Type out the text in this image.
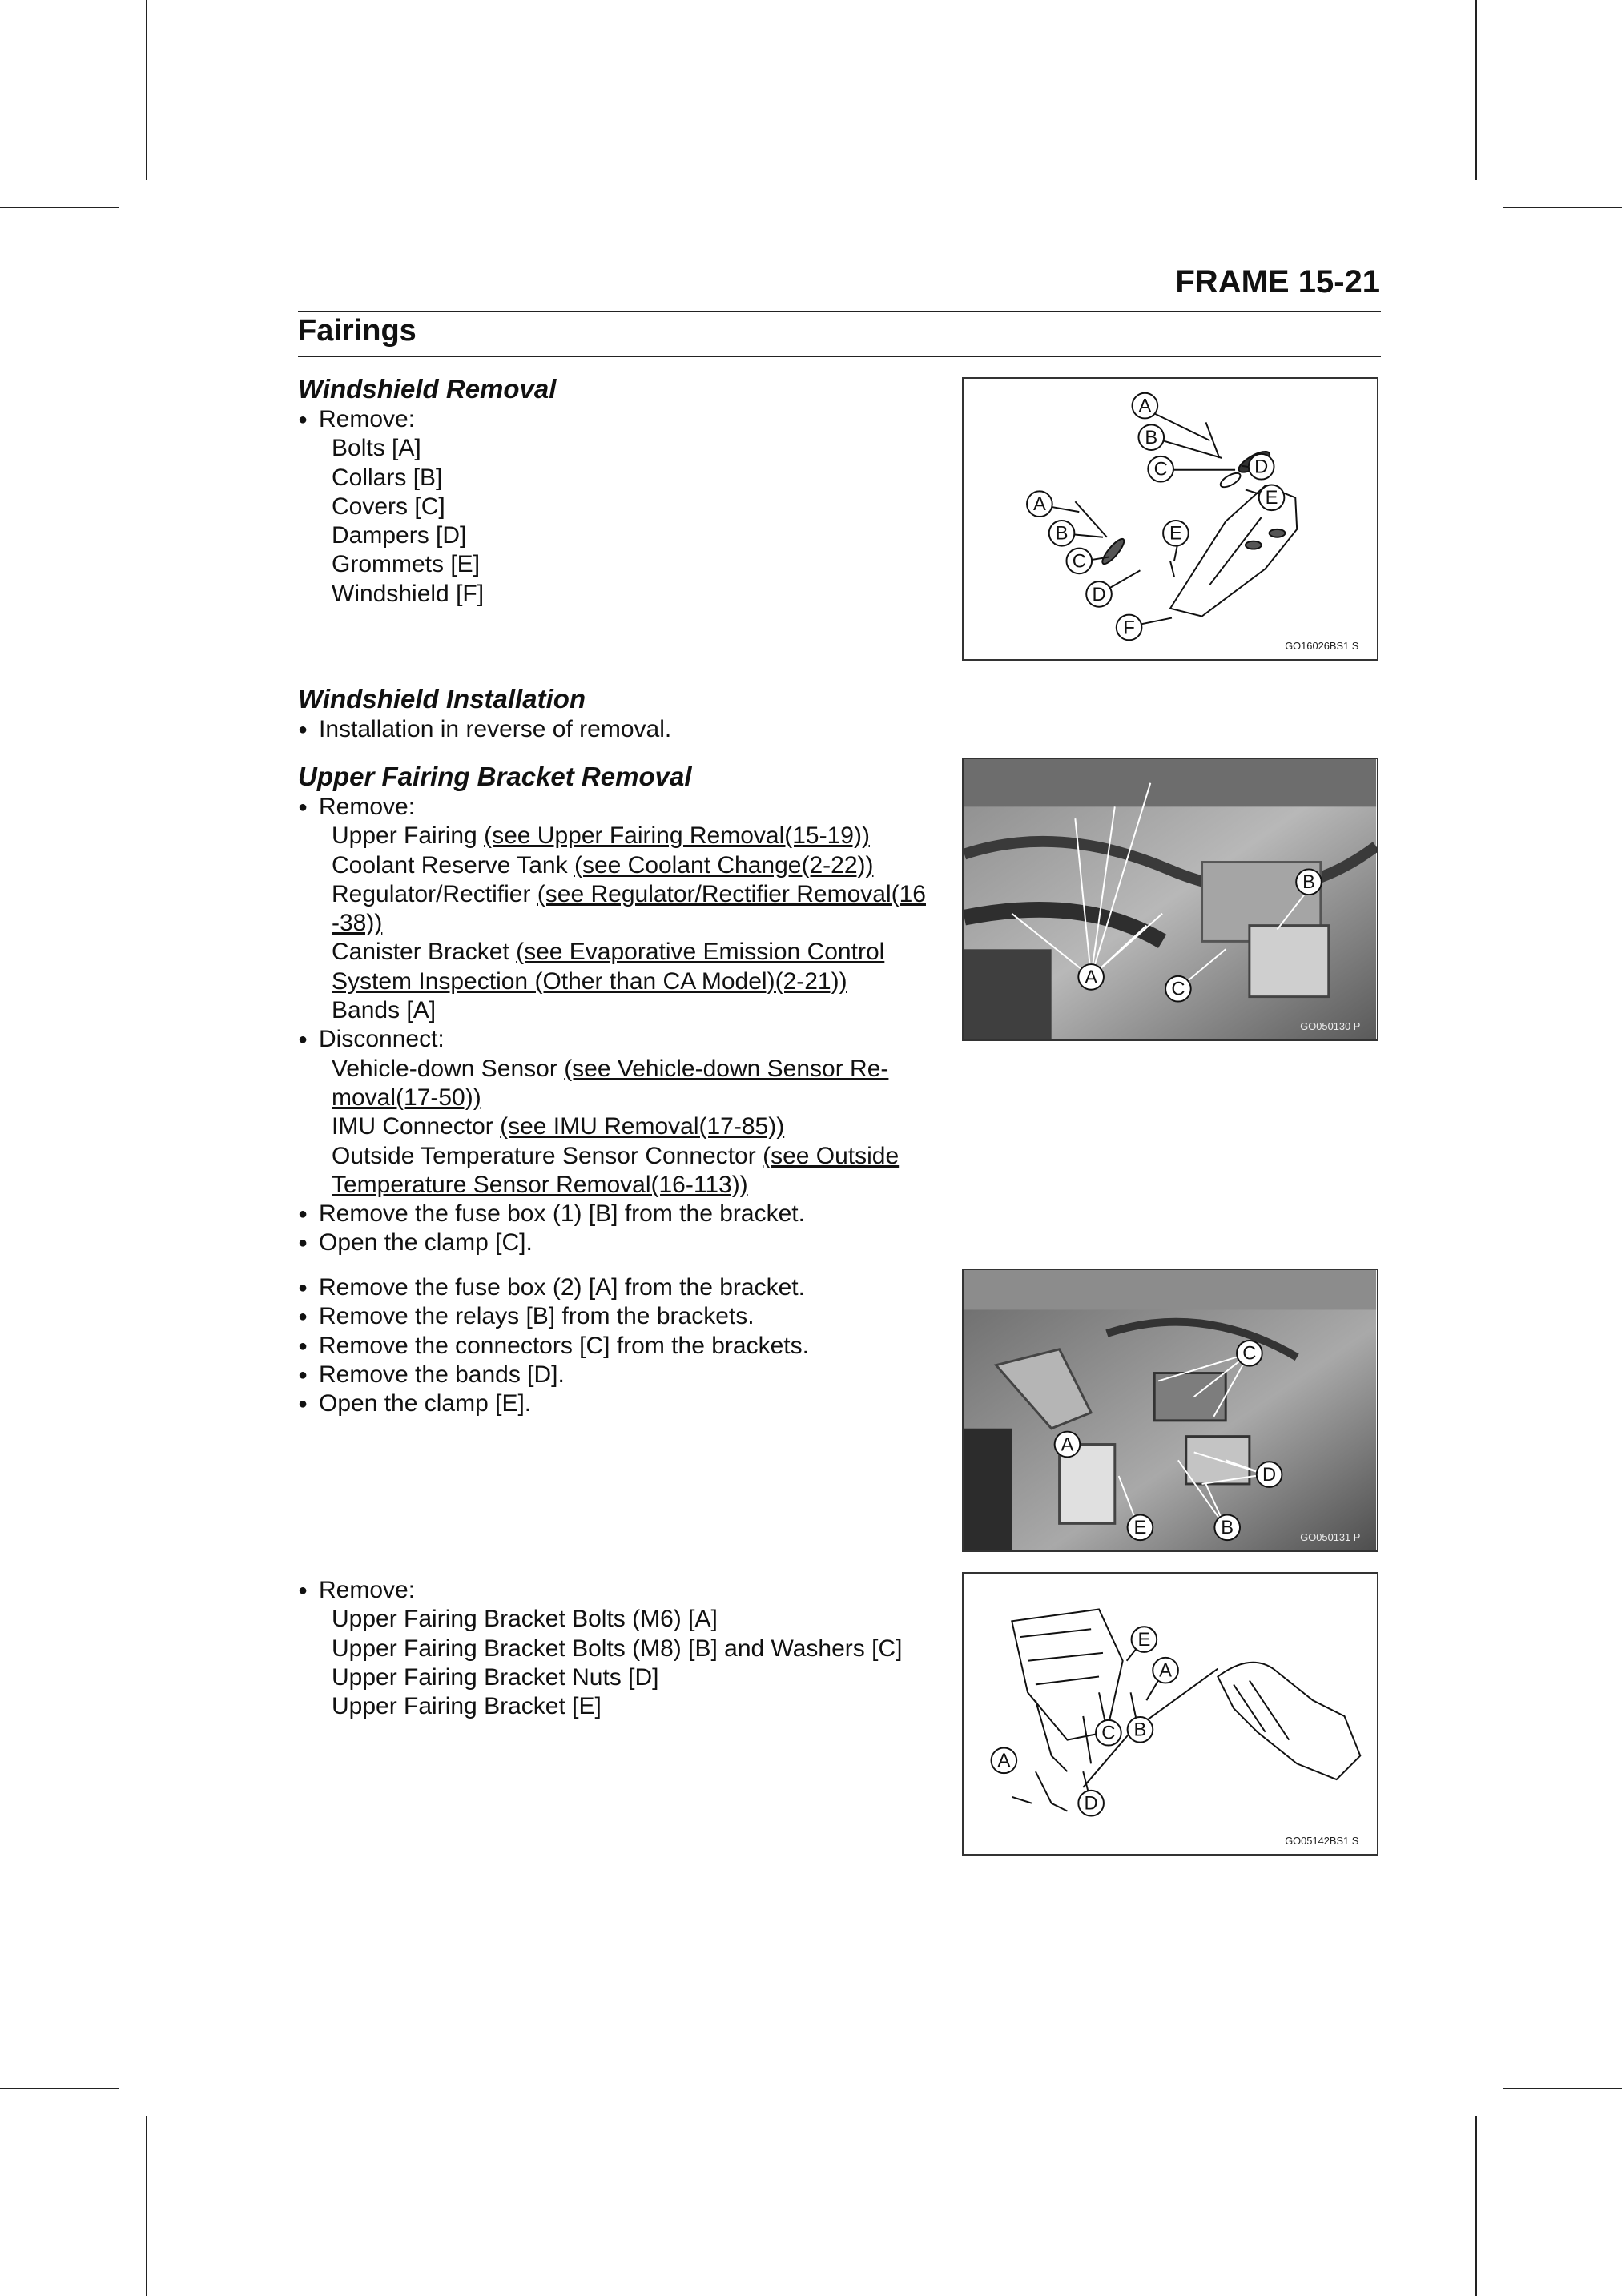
FRAME 15-21
Fairings
Windshield Removal
● Remove:
Bolts [A]
Collars [B]
Covers [C]
Dampers [D]
Grommets [E]
Windshield [F]
Windshield Installation
● Installation in reverse of removal.
Upper Fairing Bracket Removal
● Remove:
Upper Fairing (see Upper Fairing Removal(15-19))
Coolant Reserve Tank (see Coolant Change(2-22))
Regulator/Rectifier (see Regulator/Rectifier Removal(16
-38))
Canister Bracket (see Evaporative Emission Control
System Inspection (Other than CA Model)(2-21))
Bands [A]
● Disconnect:
Vehicle-down Sensor (see Vehicle-down Sensor Re-
moval(17-50))
IMU Connector (see IMU Removal(17-85))
Outside Temperature Sensor Connector (see Outside
Temperature Sensor Removal(16-113))
● Remove the fuse box (1) [B] from the bracket.
● Open the clamp [C].
● Remove the fuse box (2) [A] from the bracket.
● Remove the relays [B] from the brackets.
● Remove the connectors [C] from the brackets.
● Remove the bands [D].
● Open the clamp [E].
● Remove:
Upper Fairing Bracket Bolts (M6) [A]
Upper Fairing Bracket Bolts (M8) [B] and Washers [C]
Upper Fairing Bracket Nuts [D]
Upper Fairing Bracket [E]
A
B
C	D
E
A
B	E
C
D
F
GO16026BS1 S
A
B
C
GO050130 P
C
A
D
E	B	GO050131 P
E
A
C B
A
D
GO05142BS1 S
